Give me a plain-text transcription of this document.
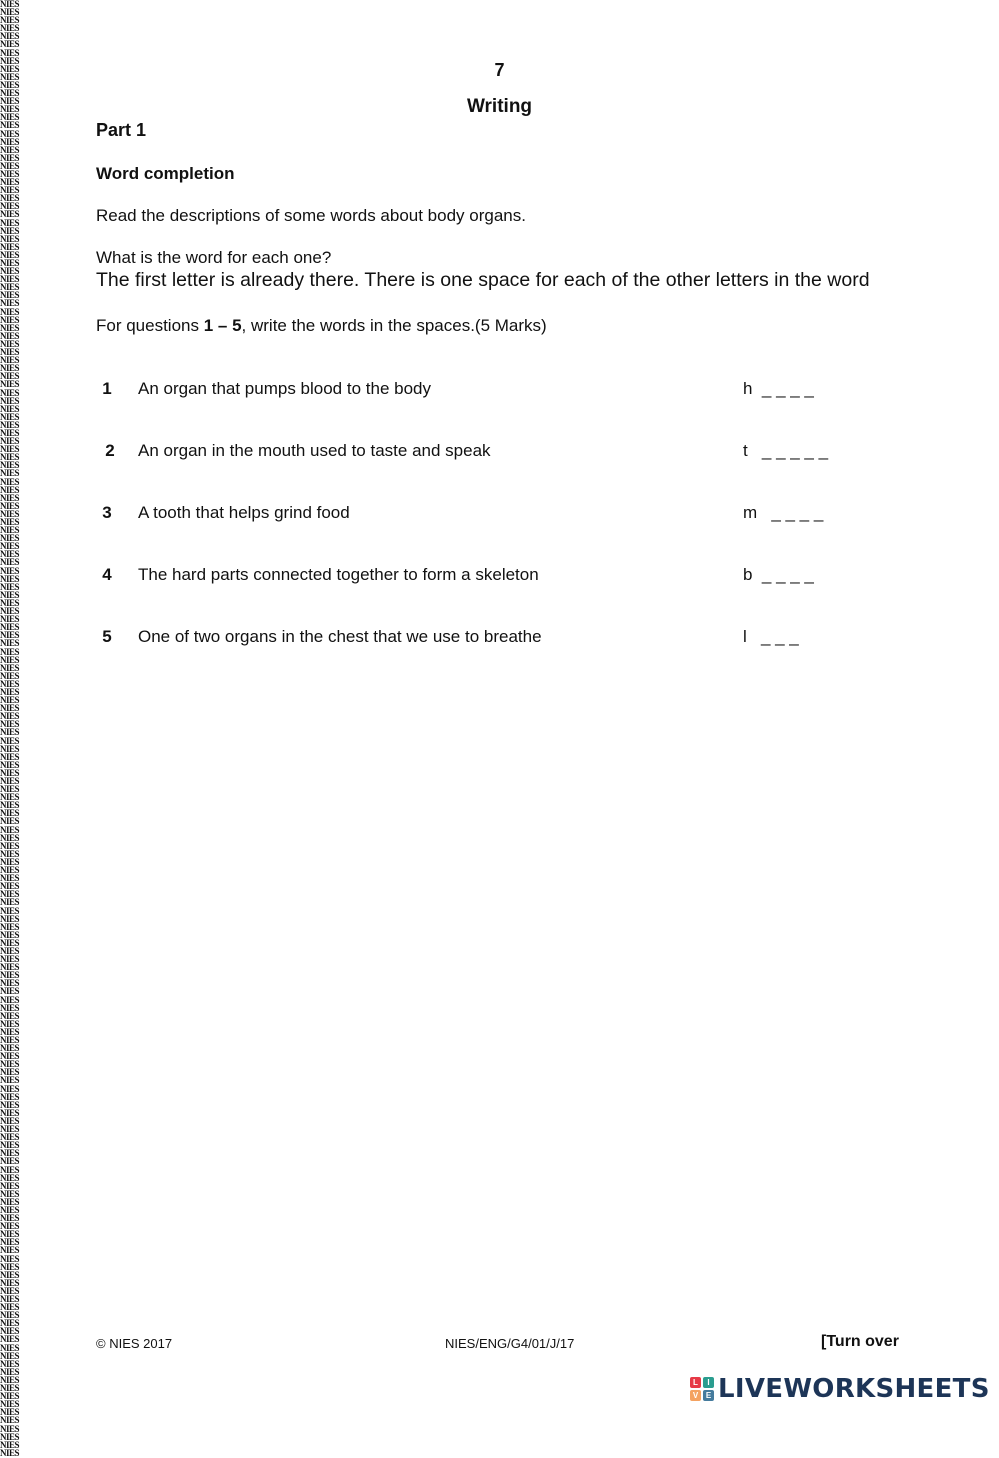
NIES
NIES
NIES
NIES
NIES
NIES
NIES
NIES
NIES
NIES
NIES
NIES
NIES
NIES
NIES
NIES
NIES
NIES
NIES
NIES
NIES
NIES
NIES
NIES
NIES
NIES
NIES
NIES
NIES
NIES
NIES
NIES
NIES
NIES
NIES
NIES
NIES
NIES
NIES
NIES
NIES
NIES
NIES
NIES
NIES
NIES
NIES
NIES
NIES
NIES
NIES
NIES
NIES
NIES
NIES
NIES
NIES
NIES
NIES
NIES
NIES
NIES
NIES
NIES
NIES
NIES
NIES
NIES
NIES
NIES
NIES
NIES
NIES
NIES
NIES
NIES
NIES
NIES
NIES
NIES
NIES
NIES
NIES
NIES
NIES
NIES
NIES
NIES
NIES
NIES
NIES
NIES
NIES
NIES
NIES
NIES
NIES
NIES
NIES
NIES
NIES
NIES
NIES
NIES
NIES
NIES
NIES
NIES
NIES
NIES
NIES
NIES
NIES
NIES
NIES
NIES
NIES
NIES
NIES
NIES
NIES
NIES
NIES
NIES
NIES
NIES
NIES
NIES
NIES
NIES
NIES
NIES
NIES
NIES
NIES
NIES
NIES
NIES
NIES
NIES
NIES
NIES
NIES
NIES
NIES
NIES
NIES
NIES
NIES
NIES
NIES
NIES
NIES
NIES
NIES
NIES
NIES
NIES
NIES
NIES
NIES
NIES
NIES
NIES
NIES
NIES
NIES
NIES
NIES
NIES
NIES
NIES
NIES
NIES
NIES
NIES
NIES
NIES
NIES
NIES
7
Writing
Part 1
Word completion
Read the descriptions of some words about body organs.
What is the word for each one?
The first letter is already there. There is one space for each of the other letters in the word
For questions 1 – 5, write the words in the spaces.(5 Marks)
1 An organ that pumps blood to the body	h  _ _ _ _
2 An organ in the mouth used to taste and speak	t   _ _ _ _ _
3 A tooth that helps grind food	m   _ _ _ _
4 The hard parts connected together to form a skeleton	b  _ _ _ _
5 One of two organs in the chest that we use to breathe	l   _ _ _
© NIES 2017	NIES/ENG/G4/01/J/17	[Turn over
L	I
V E LIVEWORKSHEETS
